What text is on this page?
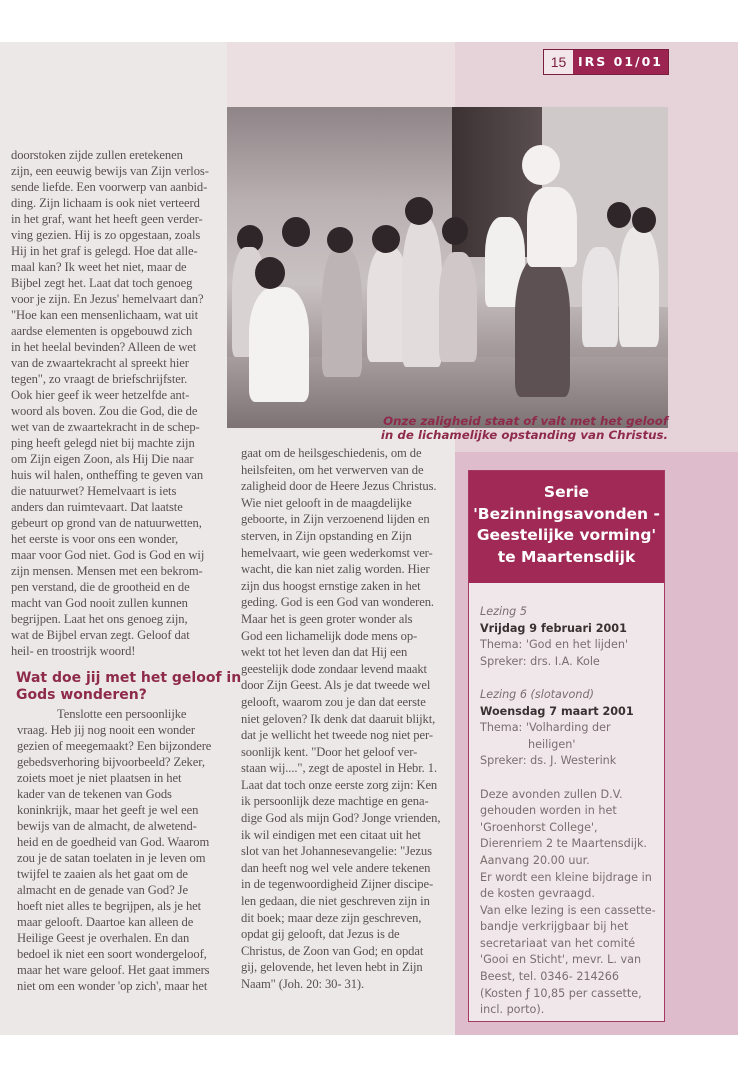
15 IRS 01/01
Onze zaligheid staat of valt met het geloof
in de lichamelijke opstanding van Christus.
doorstoken zijde zullen eretekenen
zijn, een eeuwig bewijs van Zijn verlos-
sende liefde. Een voorwerp van aanbid-
ding. Zijn lichaam is ook niet verteerd
in het graf, want het heeft geen verder-
ving gezien. Hij is zo opgestaan, zoals
Hij in het graf is gelegd. Hoe dat alle-
maal kan? Ik weet het niet, maar de
Bijbel zegt het. Laat dat toch genoeg
voor je zijn. En Jezus' hemelvaart dan?
"Hoe kan een mensenlichaam, wat uit
aardse elementen is opgebouwd zich
in het heelal bevinden? Alleen de wet
van de zwaartekracht al spreekt hier
tegen", zo vraagt de briefschrijfster.
Ook hier geef ik weer hetzelfde ant-
woord als boven. Zou die God, die de
wet van de zwaartekracht in de schep-
ping heeft gelegd niet bij machte zijn
om Zijn eigen Zoon, als Hij Die naar
huis wil halen, ontheffing te geven van
die natuurwet? Hemelvaart is iets
anders dan ruimtevaart. Dat laatste
gebeurt op grond van de natuurwetten,
het eerste is voor ons een wonder,
maar voor God niet. God is God en wij
zijn mensen. Mensen met een bekrom-
pen verstand, die de grootheid en de
macht van God nooit zullen kunnen
begrijpen. Laat het ons genoeg zijn,
wat de Bijbel ervan zegt. Geloof dat
heil- en troostrijk woord!
Wat doe jij met het geloof in
Gods wonderen?
Tenslotte een persoonlijke
vraag. Heb jij nog nooit een wonder
gezien of meegemaakt? Een bijzondere
gebedsverhoring bijvoorbeeld? Zeker,
zoiets moet je niet plaatsen in het
kader van de tekenen van Gods
koninkrijk, maar het geeft je wel een
bewijs van de almacht, de alwetend-
heid en de goedheid van God. Waarom
zou je de satan toelaten in je leven om
twijfel te zaaien als het gaat om de
almacht en de genade van God? Je
hoeft niet alles te begrijpen, als je het
maar gelooft. Daartoe kan alleen de
Heilige Geest je overhalen. En dan
bedoel ik niet een soort wondergeloof,
maar het ware geloof. Het gaat immers
niet om een wonder 'op zich', maar het
gaat om de heilsgeschiedenis, om de
heilsfeiten, om het verwerven van de
zaligheid door de Heere Jezus Christus.
Wie niet gelooft in de maagdelijke
geboorte, in Zijn verzoenend lijden en
sterven, in Zijn opstanding en Zijn
hemelvaart, wie geen wederkomst ver-
wacht, die kan niet zalig worden. Hier
zijn dus hoogst ernstige zaken in het
geding. God is een God van wonderen.
Maar het is geen groter wonder als
God een lichamelijk dode mens op-
wekt tot het leven dan dat Hij een
geestelijk dode zondaar levend maakt
door Zijn Geest. Als je dat tweede wel
gelooft, waarom zou je dan dat eerste
niet geloven? Ik denk dat daaruit blijkt,
dat je wellicht het tweede nog niet per-
soonlijk kent. "Door het geloof ver-
staan wij....", zegt de apostel in Hebr. 1.
Laat dat toch onze eerste zorg zijn: Ken
ik persoonlijk deze machtige en gena-
dige God als mijn God? Jonge vrienden,
ik wil eindigen met een citaat uit het
slot van het Johannesevangelie: "Jezus
dan heeft nog wel vele andere tekenen
in de tegenwoordigheid Zijner discipe-
len gedaan, die niet geschreven zijn in
dit boek; maar deze zijn geschreven,
opdat gij gelooft, dat Jezus is de
Christus, de Zoon van God; en opdat
gij, gelovende, het leven hebt in Zijn
Naam" (Joh. 20: 30- 31).
Serie
'Bezinningsavonden -
Geestelijke vorming'
te Maartensdijk
Lezing 5
Vrijdag 9 februari 2001
Thema: 'God en het lijden'
Spreker: drs. I.A. Kole
Lezing 6 (slotavond)
Woensdag 7 maart 2001
Thema: 'Volharding der
heiligen'
Spreker: ds. J. Westerink
Deze avonden zullen D.V.
gehouden worden in het
'Groenhorst College',
Dierenriem 2 te Maartensdijk.
Aanvang 20.00 uur.
Er wordt een kleine bijdrage in
de kosten gevraagd.
Van elke lezing is een cassette-
bandje verkrijgbaar bij het
secretariaat van het comité
'Gooi en Sticht', mevr. L. van
Beest, tel. 0346- 214266
(Kosten ƒ 10,85 per cassette,
incl. porto).
